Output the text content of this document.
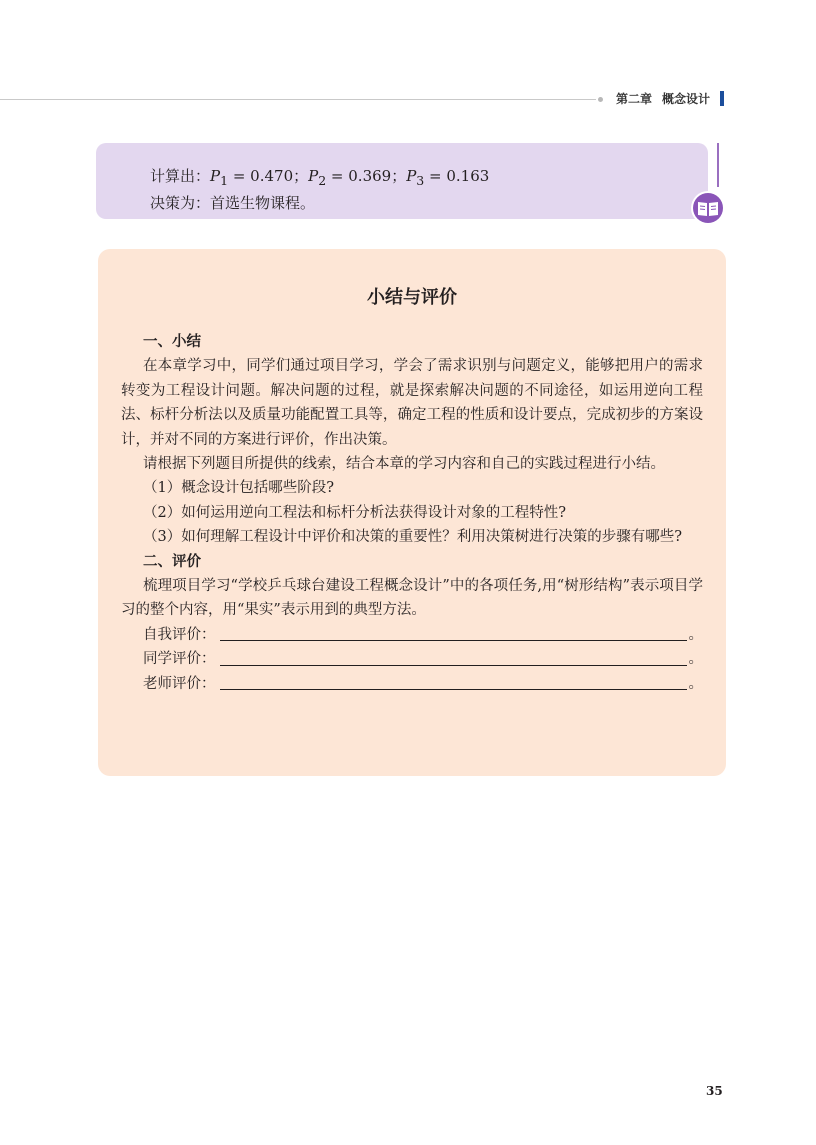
第二章 概念设计
计算出：$P_1 = 0.470$；$P_2 = 0.369$；$P_3 = 0.163$
决策为：首选生物课程。
小结与评价

一、小结

在本章学习中，同学们通过项目学习，学会了需求识别与问题定义，能够把用户的需求转变为工程设计问题。解决问题的过程，就是探索解决问题的不同途径，如运用逆向工程法、标杆分析法以及质量功能配置工具等，确定工程的性质和设计要点，完成初步的方案设计，并对不同的方案进行评价，作出决策。

请根据下列题目所提供的线索，结合本章的学习内容和自己的实践过程进行小结。

（1）概念设计包括哪些阶段?

（2）如何运用逆向工程法和标杆分析法获得设计对象的工程特性?

（3）如何理解工程设计中评价和决策的重要性？利用决策树进行决策的步骤有哪些?

二、评价

梳理项目学习“学校乒乓球台建设工程概念设计”中的各项任务,用“树形结构”表示项目学习的整个内容，用“果实”表示用到的典型方法。

自我评价：	。
同学评价：	。
老师评价：	。
35
